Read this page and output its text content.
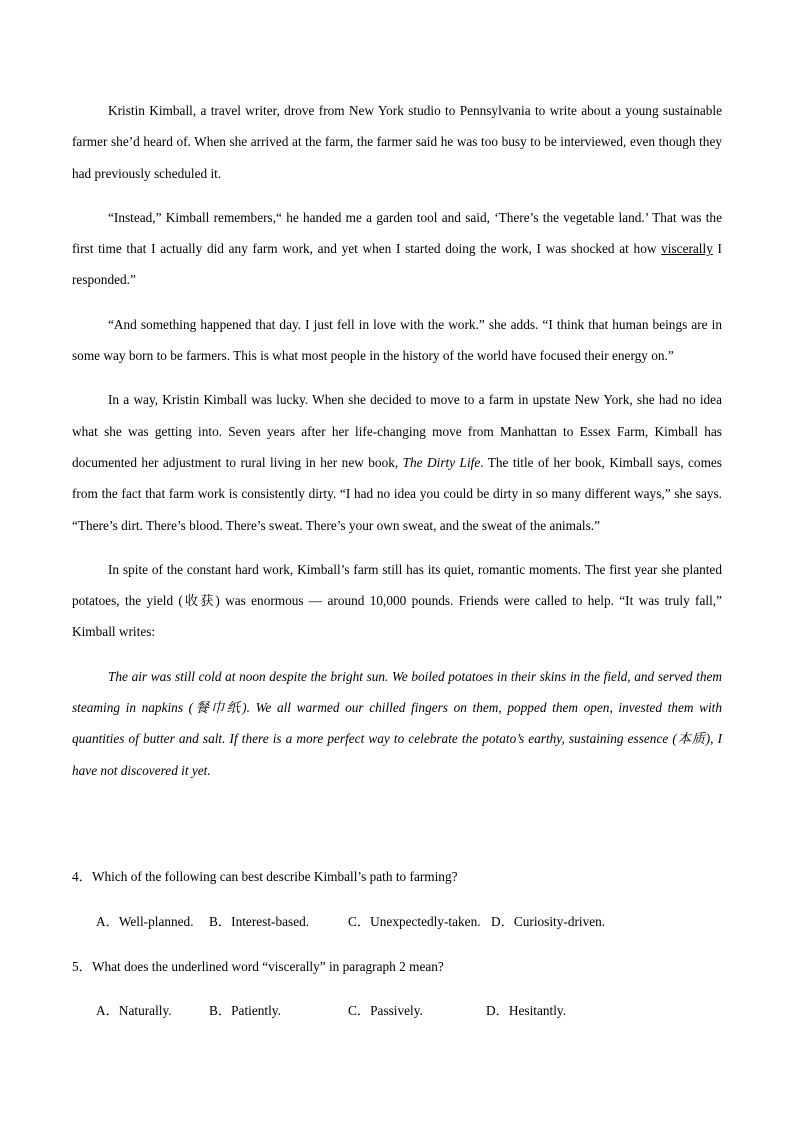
Kristin Kimball, a travel writer, drove from New York studio to Pennsylvania to write about a young sustainable farmer she’d heard of. When she arrived at the farm, the farmer said he was too busy to be interviewed, even though they had previously scheduled it.

“Instead,” Kimball remembers,“ he handed me a garden tool and said, ‘There’s the vegetable land.’ That was the first time that I actually did any farm work, and yet when I started doing the work, I was shocked at how viscerally I responded.”

“And something happened that day. I just fell in love with the work.” she adds. “I think that human beings are in some way born to be farmers. This is what most people in the history of the world have focused their energy on.”

In a way, Kristin Kimball was lucky. When she decided to move to a farm in upstate New York, she had no idea what she was getting into. Seven years after her life-changing move from Manhattan to Essex Farm, Kimball has documented her adjustment to rural living in her new book, The Dirty Life. The title of her book, Kimball says, comes from the fact that farm work is consistently dirty. “I had no idea you could be dirty in so many different ways,” she says. “There’s dirt. There’s blood. There’s sweat. There’s your own sweat, and the sweat of the animals.”

In spite of the constant hard work, Kimball’s farm still has its quiet, romantic moments. The first year she planted potatoes, the yield (收获) was enormous — around 10,000 pounds. Friends were called to help. “It was truly fall,” Kimball writes:

The air was still cold at noon despite the bright sun. We boiled potatoes in their skins in the field, and served them steaming in napkins (餐巾纸). We all warmed our chilled fingers on them, popped them open, invested them with quantities of butter and salt. If there is a more perfect way to celebrate the potato’s earthy, sustaining essence (本质), I have not discovered it yet.

4．Which of the following can best describe Kimball’s path to farming?
A．Well-planned. B．Interest-based.	C．Unexpectedly-taken. D．Curiosity-driven.
5．What does the underlined word “viscerally” in paragraph 2 mean?
A．Naturally.	B．Patiently.	C．Passively.	D．Hesitantly.
